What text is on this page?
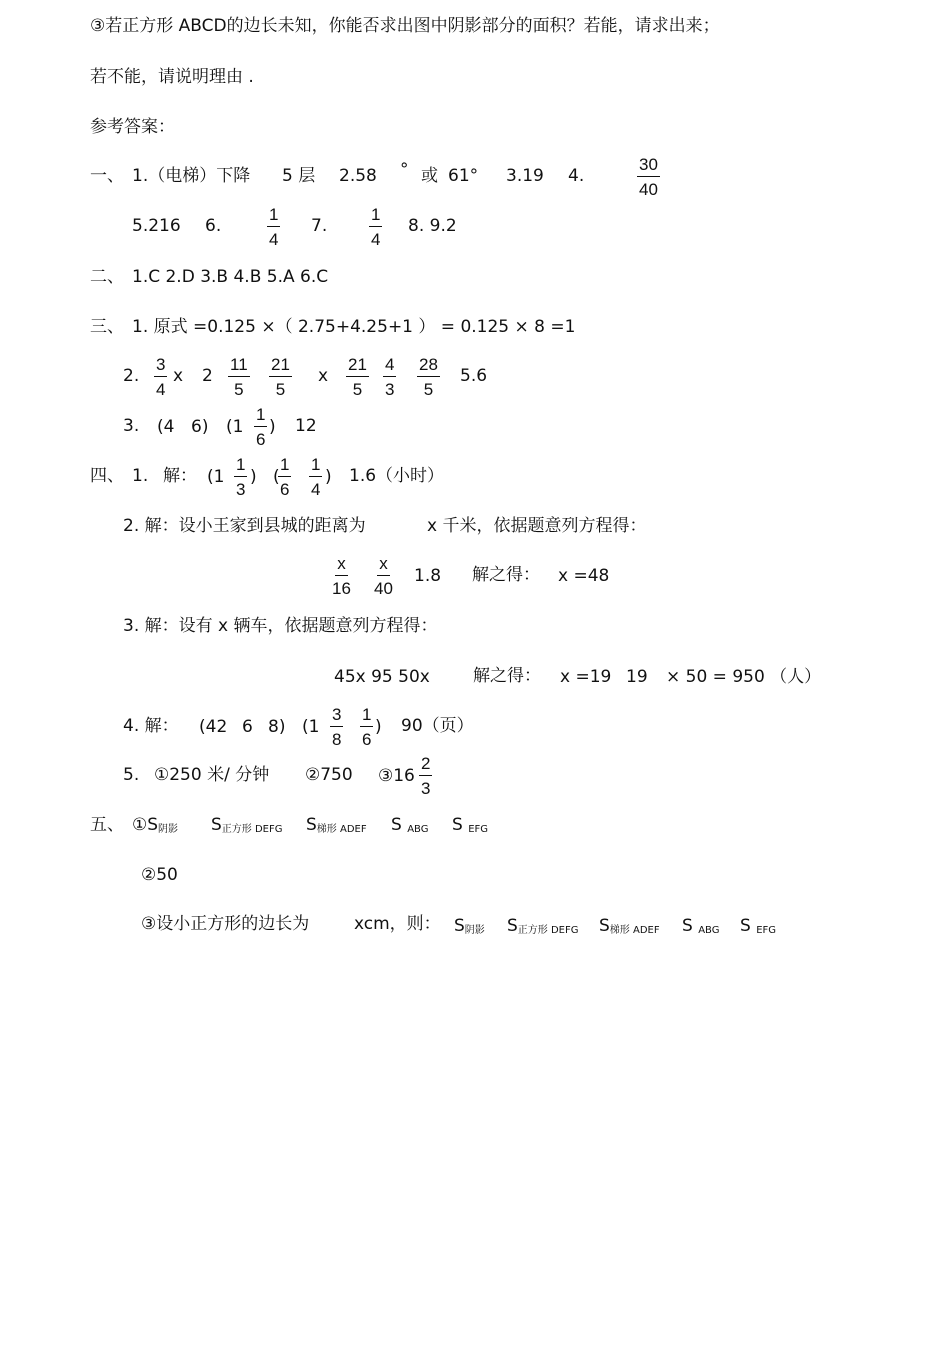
③若正方形 ABCD的边长未知，你能否求出图中阴影部分的面积？若能，请求出来；
若不能，请说明理由 .
参考答案：
一、 1.（电梯）下降 5 层 2.58 ° 或 61° 3.19 4.	$\frac{30}{40}$
5.216 6.	$\frac{1}{4} 7$. $\frac{1}{4} 8$. 9.2
二、 1.C 2.D 3.B 4.B 5.A 6.C
三、 1. 原式 =0.125 ×（ 2.75+4.25+1 ） = 0.125 × 8 =1
2. $\frac{3}{4}$ x $2 \frac{11}{5} \frac{21}{5}$ x $\frac{21}{5} \frac{4}{3} \frac{28}{5} 5.6$
3. (4 6) ($1 \frac{1}{6}$ ) 12
四、 1. 解： ($1 \frac{1}{3}$ ) (
$\frac{1}{6} \frac{1}{4}$ ) 1.6（小时）
2. 解：设小王家到县城的距离为	x 千米，依据题意列方程得：
$\frac{x}{16} \frac{x}{40} 1.8$ 解之得： x =48
3. 解：设有 x 辆车，依据题意列方程得：
45x 95 50x	解之得： x =19 19 × 50 = 950 （人）
4. 解： (42 6 8) ($1 \frac{3}{8} \frac{1}{6}$ ) 90（页）
5. ①250 米/ 分钟 ②750 ③16 $\frac{2}{3}$
五、 $①S_{阴影}$ $S_{正方形 DEFG}$ $S_{梯形 ADEF}$ S $_{ABG}$ S $_{EFG}$
②50
③设小正方形的边长为	xcm，则： $S_{阴影}$ $S_{正方形 DEFG}$ $S_{梯形 ADEF}$ S $_{ABG}$ S $_{EFG}$
